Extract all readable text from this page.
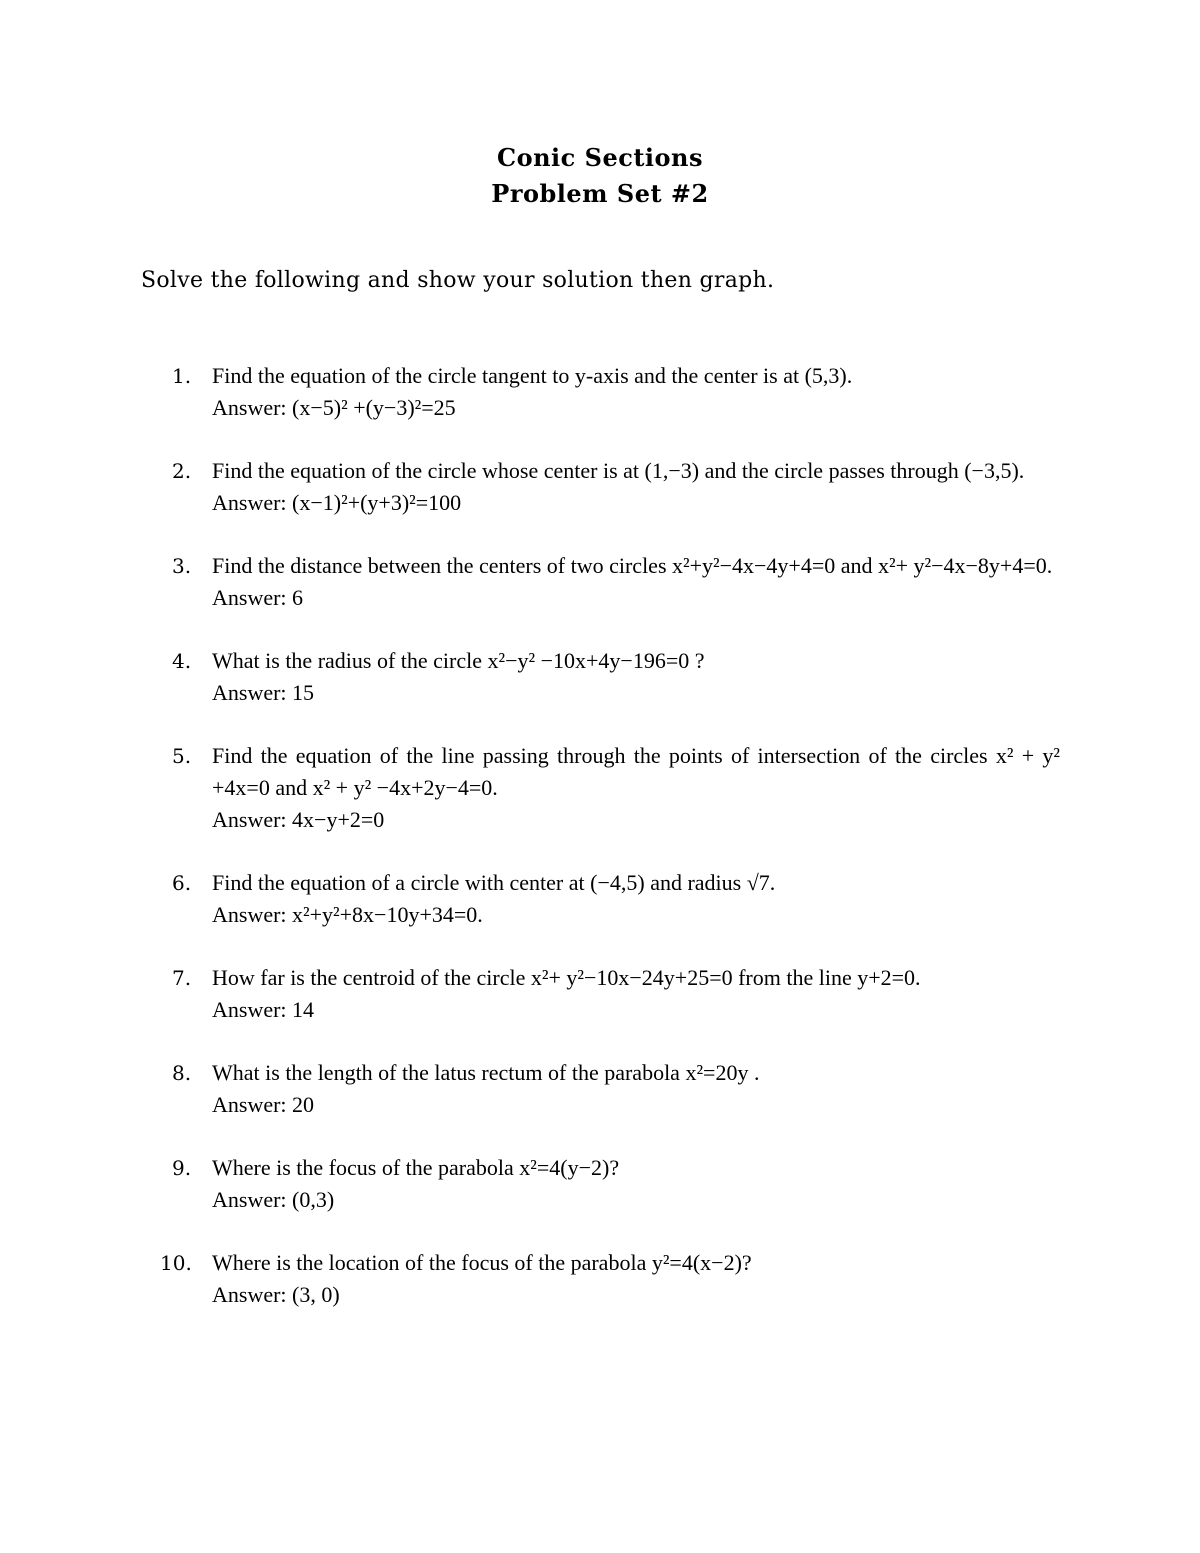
Conic Sections
Problem Set #2
Solve the following and show your solution then graph.
1. Find the equation of the circle tangent to y-axis and the center is at (5,3).
Answer: (x−5)² +(y−3)²=25
2. Find the equation of the circle whose center is at (1,−3) and the circle passes through (−3,5).
Answer: (x−1)²+(y+3)²=100
3. Find the distance between the centers of two circles x²+y²−4x−4y+4=0 and x²+ y²−4x−8y+4=0.
Answer: 6
4. What is the radius of the circle x²−y² −10x+4y−196=0 ?
Answer: 15
5. Find the equation of the line passing through the points of intersection of the circles x² + y² +4x=0 and x² + y² −4x+2y−4=0.
Answer: 4x−y+2=0
6. Find the equation of a circle with center at (−4,5) and radius √7.
Answer: x²+y²+8x−10y+34=0.
7. How far is the centroid of the circle x²+ y²−10x−24y+25=0 from the line y+2=0.
Answer: 14
8. What is the length of the latus rectum of the parabola x²=20y .
Answer: 20
9. Where is the focus of the parabola x²=4(y−2)?
Answer: (0,3)
10. Where is the location of the focus of the parabola y²=4(x−2)?
Answer: (3, 0)
